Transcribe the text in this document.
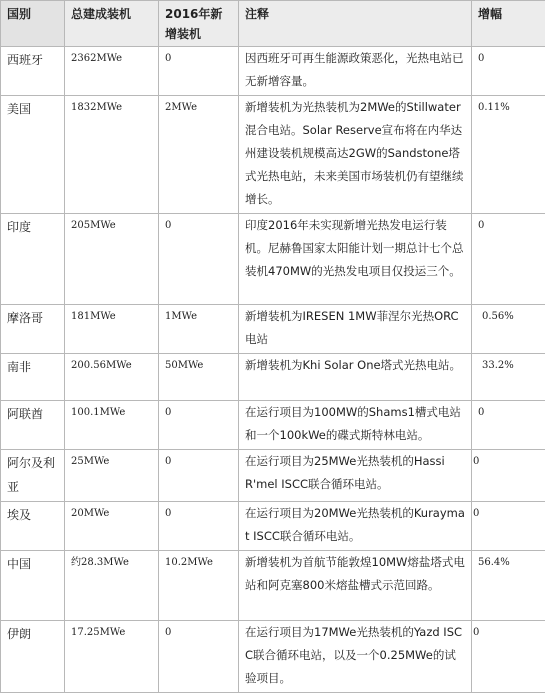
国别	总建成装机	2016年新增装机	注释	增幅
西班牙	2362MWe	0	因西班牙可再生能源政策恶化，光热电站已无新增容量。	0
美国	1832MWe	2MWe	新增装机为光热装机为2MWe的Stillwater混合电站。Solar Reserve宣布将在内华达州建设装机规模高达2GW的Sandstone塔式光热电站，未来美国市场装机仍有望继续增长。	0.11%
印度	205MWe	0	印度2016年未实现新增光热发电运行装机。尼赫鲁国家太阳能计划一期总计七个总装机470MW的光热发电项目仅投运三个。	0
摩洛哥	181MWe	1MWe	新增装机为IRESEN 1MW菲涅尔光热ORC电站	0.56%
南非	200.56MWe	50MWe	新增装机为Khi Solar One塔式光热电站。	33.2%
阿联酋	100.1MWe	0	在运行项目为100MW的Shams1槽式电站和一个100kWe的碟式斯特林电站。	0
阿尔及利亚	25MWe	0	在运行项目为25MWe光热装机的Hassi R'mel ISCC联合循环电站。	0
埃及	20MWe	0	在运行项目为20MWe光热装机的Kuraymat ISCC联合循环电站。	0
中国	约28.3MWe	10.2MWe	新增装机为首航节能敦煌10MW熔盐塔式电站和阿克塞800米熔盐槽式示范回路。	56.4%
伊朗	17.25MWe	0	在运行项目为17MWe光热装机的Yazd ISCC联合循环电站，以及一个0.25MWe的试验项目。	0
